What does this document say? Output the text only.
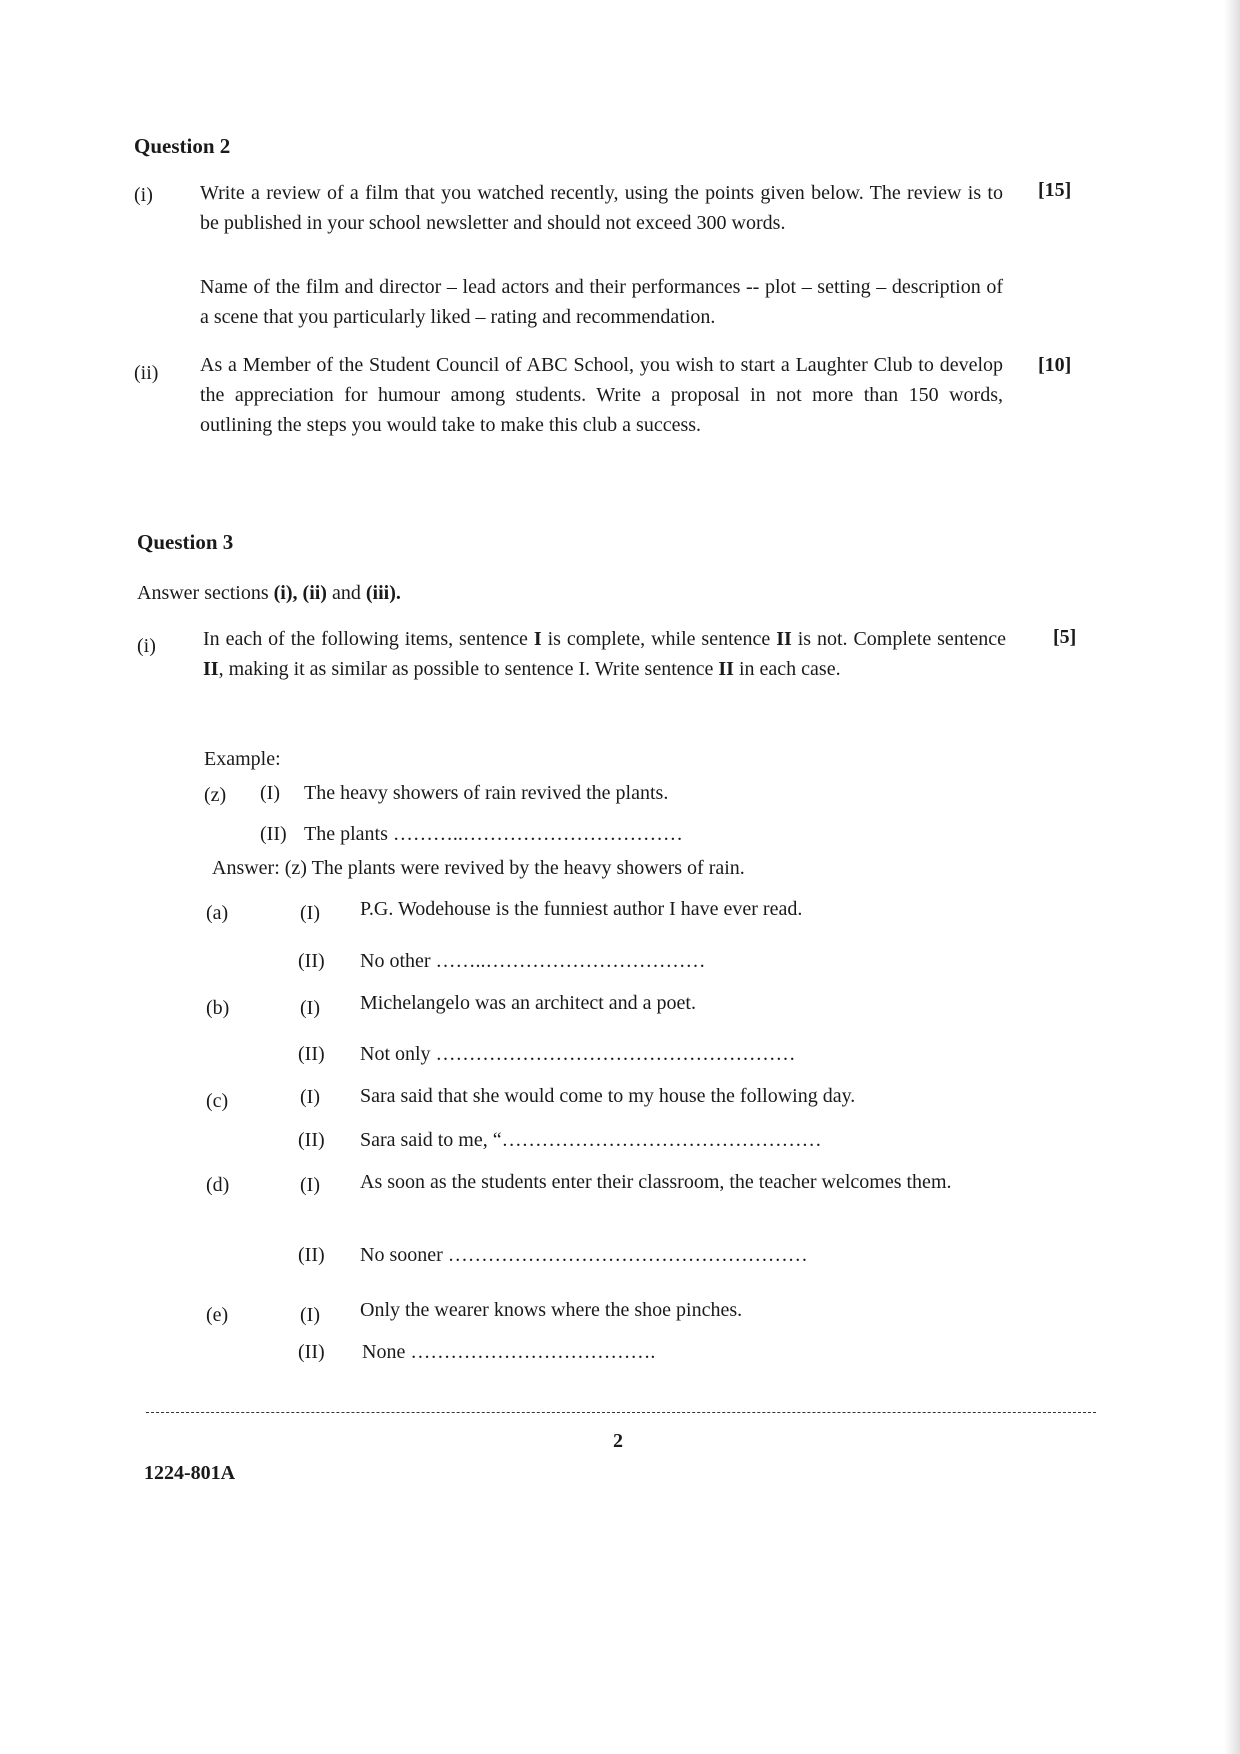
Question 2
(i) Write a review of a film that you watched recently, using the points given below. The review is to be published in your school newsletter and should not exceed 300 words.
[15]
Name of the film and director – lead actors and their performances -- plot – setting – description of a scene that you particularly liked – rating and recommendation.
(ii) As a Member of the Student Council of ABC School, you wish to start a Laughter Club to develop the appreciation for humour among students. Write a proposal in not more than 150 words, outlining the steps you would take to make this club a success.
[10]
Question 3
Answer sections (i), (ii) and (iii).
(i) In each of the following items, sentence I is complete, while sentence II is not. Complete sentence II, making it as similar as possible to sentence I. Write sentence II in each case.
[5]
Example:
(z) (I) The heavy showers of rain revived the plants.
(II) The plants ………..……………………………
Answer: (z) The plants were revived by the heavy showers of rain.
(a)	(I) P.G. Wodehouse is the funniest author I have ever read.
(II) No other ……..……………………………
(b)	(I) Michelangelo was an architect and a poet.
(II) Not only ………………………………………………
(c)	(I) Sara said that she would come to my house the following day.
(II) Sara said to me, “…………………………………………
(d)	(I) As soon as the students enter their classroom, the teacher welcomes them.
(II) No sooner ………………………………………………
(e)	(I) Only the wearer knows where the shoe pinches.
(II) None ……………………………….
2
1224-801A
